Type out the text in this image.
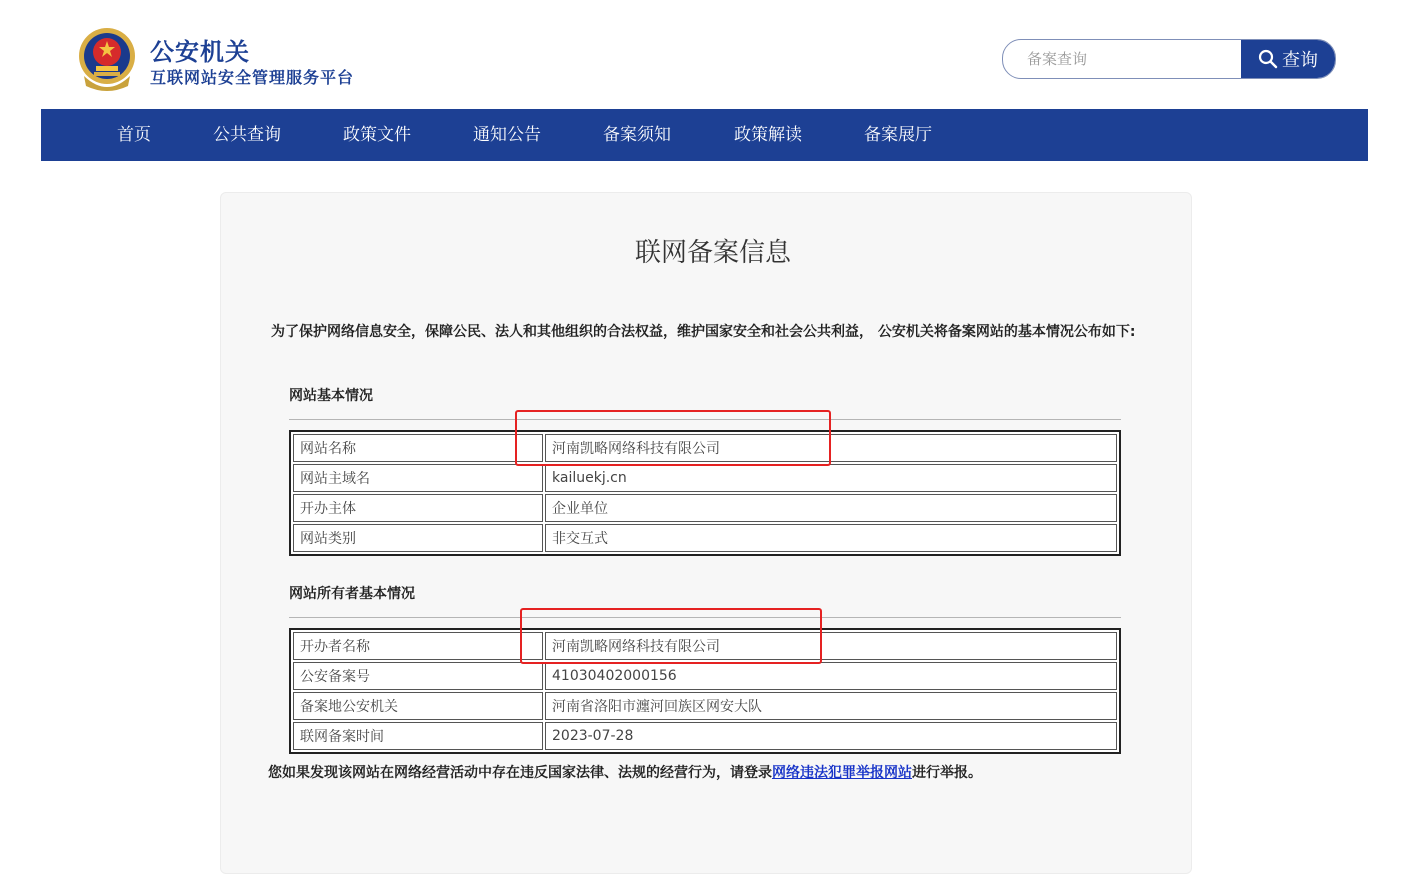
公安机关
互联网站安全管理服务平台
备案查询
查询
首页	公共查询	政策文件	通知公告	备案须知	政策解读	备案展厅
联网备案信息
为了保护网络信息安全，保障公民、法人和其他组织的合法权益，维护国家安全和社会公共利益， 公安机关将备案网站的基本情况公布如下:
网站基本情况
网站名称	河南凯略网络科技有限公司
网站主域名	kailuekj.cn
开办主体	企业单位
网站类别	非交互式
网站所有者基本情况
开办者名称	河南凯略网络科技有限公司
公安备案号	41030402000156
备案地公安机关	河南省洛阳市瀍河回族区网安大队
联网备案时间	2023-07-28
您如果发现该网站在网络经营活动中存在违反国家法律、法规的经营行为，请登录网络违法犯罪举报网站进行举报。
